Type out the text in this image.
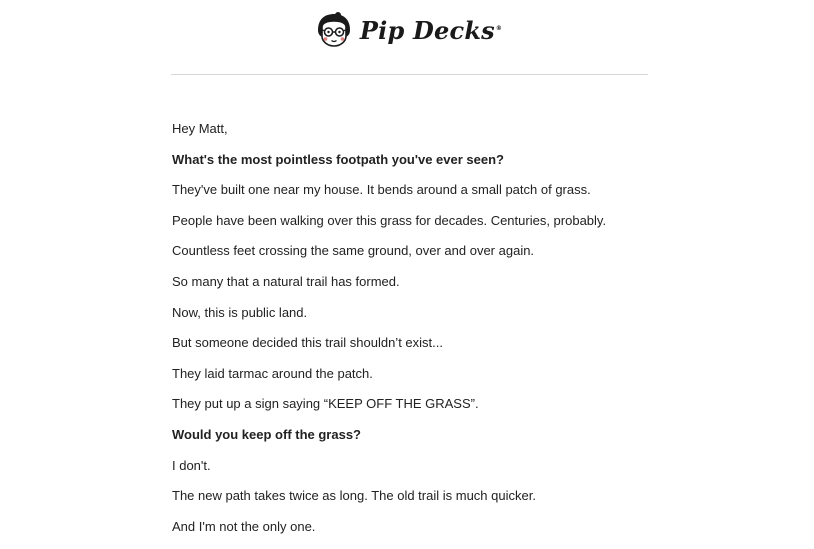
Pip Decks®

Hey Matt,

What's the most pointless footpath you've ever seen?

They've built one near my house. It bends around a small patch of grass.

People have been walking over this grass for decades. Centuries, probably.

Countless feet crossing the same ground, over and over again.

So many that a natural trail has formed.

Now, this is public land.

But someone decided this trail shouldn’t exist...

They laid tarmac around the patch.

They put up a sign saying “KEEP OFF THE GRASS”.

Would you keep off the grass?

I don't.

The new path takes twice as long. The old trail is much quicker.

And I'm not the only one.
